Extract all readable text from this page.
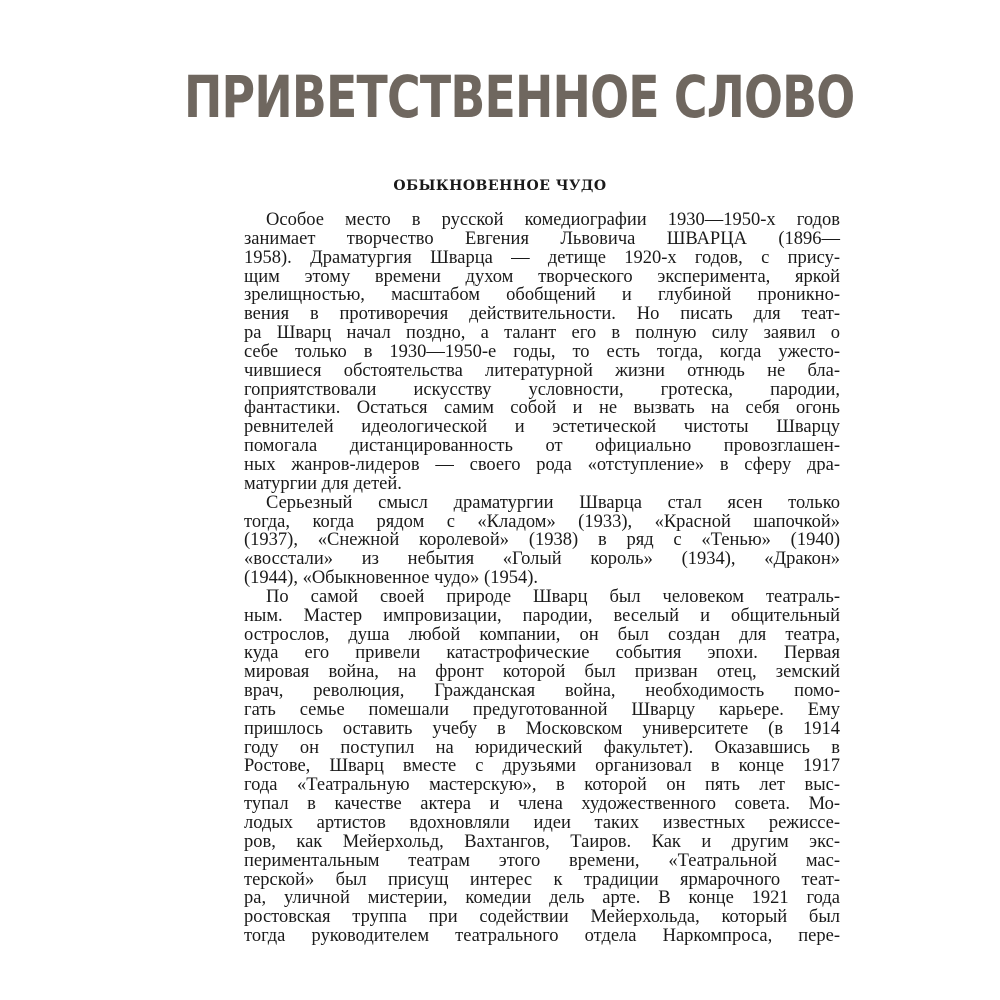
ПРИВЕТСТВЕННОЕ СЛОВО
ОБЫКНОВЕННОЕ ЧУДО
Особое место в русской комедиографии 1930—1950-х годов
занимает творчество Евгения Львовича ШВАРЦА (1896—
1958). Драматургия Шварца — детище 1920-х годов, с прису-
щим этому времени духом творческого эксперимента, яркой
зрелищностью, масштабом обобщений и глубиной проникно-
вения в противоречия действительности. Но писать для теат-
ра Шварц начал поздно, а талант его в полную силу заявил о
себе только в 1930—1950-е годы, то есть тогда, когда ужесто-
чившиеся обстоятельства литературной жизни отнюдь не бла-
гоприятствовали искусству условности, гротеска, пародии,
фантастики. Остаться самим собой и не вызвать на себя огонь
ревнителей идеологической и эстетической чистоты Шварцу
помогала дистанцированность от официально провозглашен-
ных жанров-лидеров — своего рода «отступление» в сферу дра-
матургии для детей.
Серьезный смысл драматургии Шварца стал ясен только
тогда, когда рядом с «Кладом» (1933), «Красной шапочкой»
(1937), «Снежной королевой» (1938) в ряд с «Тенью» (1940)
«восстали» из небытия «Голый король» (1934), «Дракон»
(1944), «Обыкновенное чудо» (1954).
По самой своей природе Шварц был человеком театраль-
ным. Мастер импровизации, пародии, веселый и общительный
острослов, душа любой компании, он был создан для театра,
куда его привели катастрофические события эпохи. Первая
мировая война, на фронт которой был призван отец, земский
врач, революция, Гражданская война, необходимость помо-
гать семье помешали предуготованной Шварцу карьере. Ему
пришлось оставить учебу в Московском университете (в 1914
году он поступил на юридический факультет). Оказавшись в
Ростове, Шварц вместе с друзьями организовал в конце 1917
года «Театральную мастерскую», в которой он пять лет выс-
тупал в качестве актера и члена художественного совета. Мо-
лодых артистов вдохновляли идеи таких известных режиссе-
ров, как Мейерхольд, Вахтангов, Таиров. Как и другим экс-
периментальным театрам этого времени, «Театральной мас-
терской» был присущ интерес к традиции ярмарочного теат-
ра, уличной мистерии, комедии дель арте. В конце 1921 года
ростовская труппа при содействии Мейерхольда, который был
тогда руководителем театрального отдела Наркомпроса, пере-
